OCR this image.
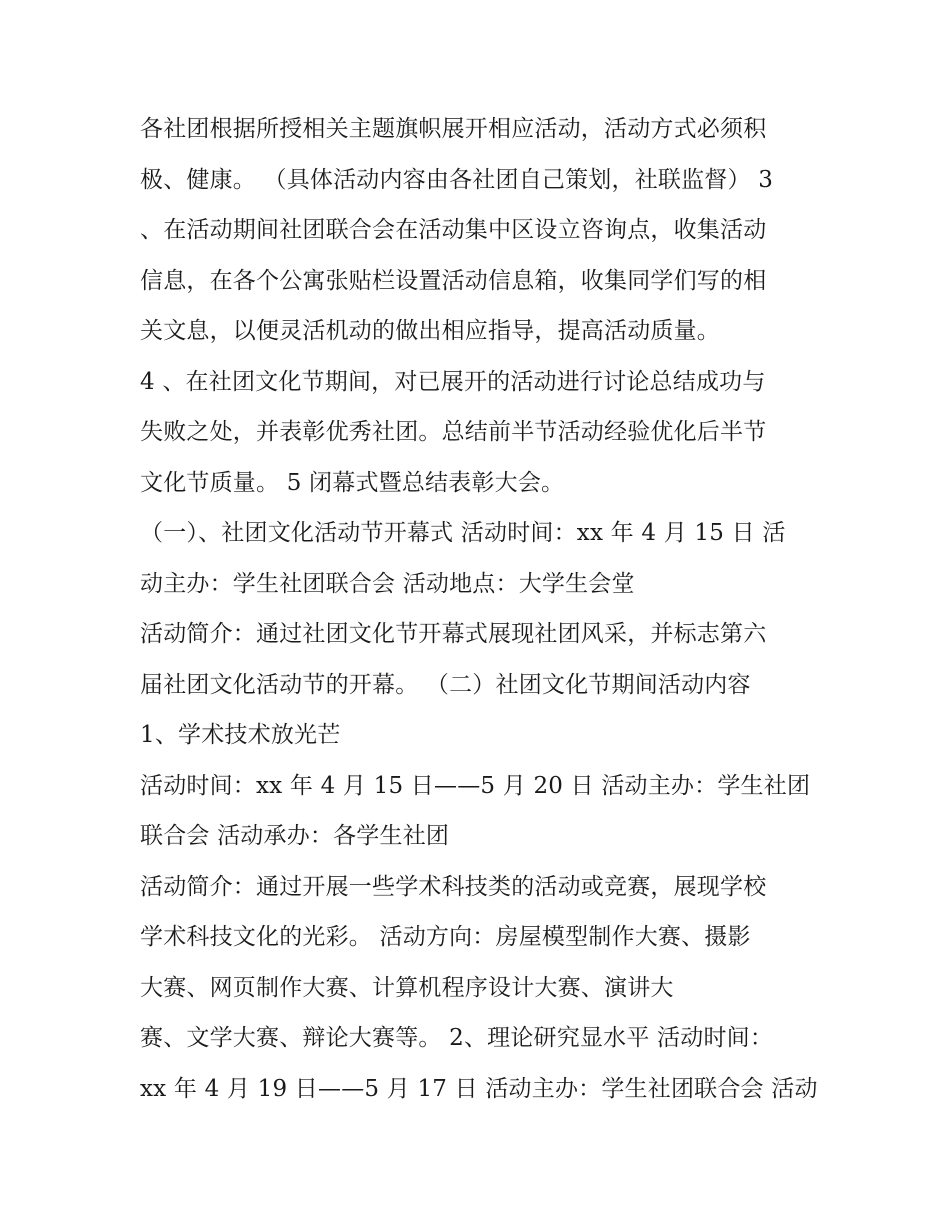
各社团根据所授相关主题旗帜展开相应活动，活动方式必须积
极、健康。 （具体活动内容由各社团自己策划，社联监督） 3
、在活动期间社团联合会在活动集中区设立咨询点，收集活动
信息，在各个公寓张贴栏设置活动信息箱，收集同学们写的相
关文息，以便灵活机动的做出相应指导，提高活动质量。
4 、在社团文化节期间，对已展开的活动进行讨论总结成功与
失败之处，并表彰优秀社团。总结前半节活动经验优化后半节
文化节质量。 5 闭幕式暨总结表彰大会。
（一）、社团文化活动节开幕式 活动时间：xx 年 4 月 15 日 活
动主办：学生社团联合会 活动地点：大学生会堂
活动简介：通过社团文化节开幕式展现社团风采，并标志第六
届社团文化活动节的开幕。 （二）社团文化节期间活动内容
1、学术技术放光芒
活动时间：xx 年 4 月 15 日——5 月 20 日 活动主办：学生社团
联合会 活动承办：各学生社团
活动简介：通过开展一些学术科技类的活动或竞赛，展现学校
学术科技文化的光彩。 活动方向：房屋模型制作大赛、摄影
大赛、网页制作大赛、计算机程序设计大赛、演讲大
赛、文学大赛、辩论大赛等。 2、理论研究显水平 活动时间：
xx 年 4 月 19 日——5 月 17 日 活动主办：学生社团联合会 活动
